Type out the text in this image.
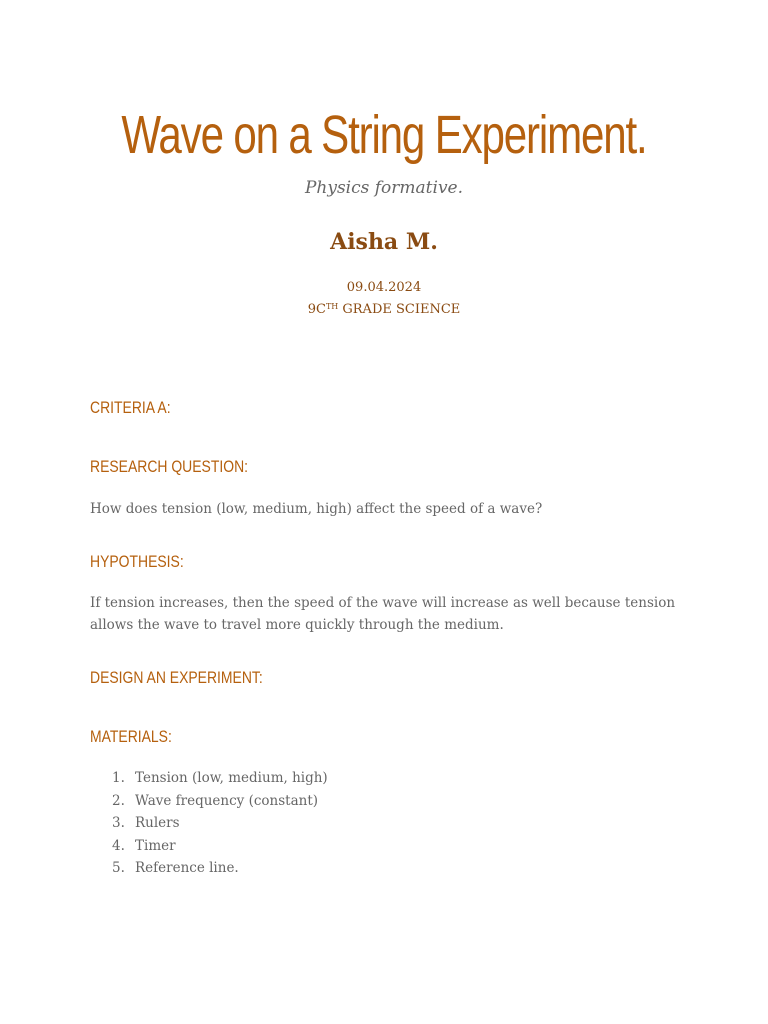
Wave on a String Experiment.
Physics formative.
Aisha M.
09.04.2024
9CTH GRADE SCIENCE
CRITERIA A:
RESEARCH QUESTION:
How does tension (low, medium, high) affect the speed of a wave?
HYPOTHESIS:
If tension increases, then the speed of the wave will increase as well because tension allows the wave to travel more quickly through the medium.
DESIGN AN EXPERIMENT:
MATERIALS:
1. Tension (low, medium, high)
2. Wave frequency (constant)
3. Rulers
4. Timer
5. Reference line.
